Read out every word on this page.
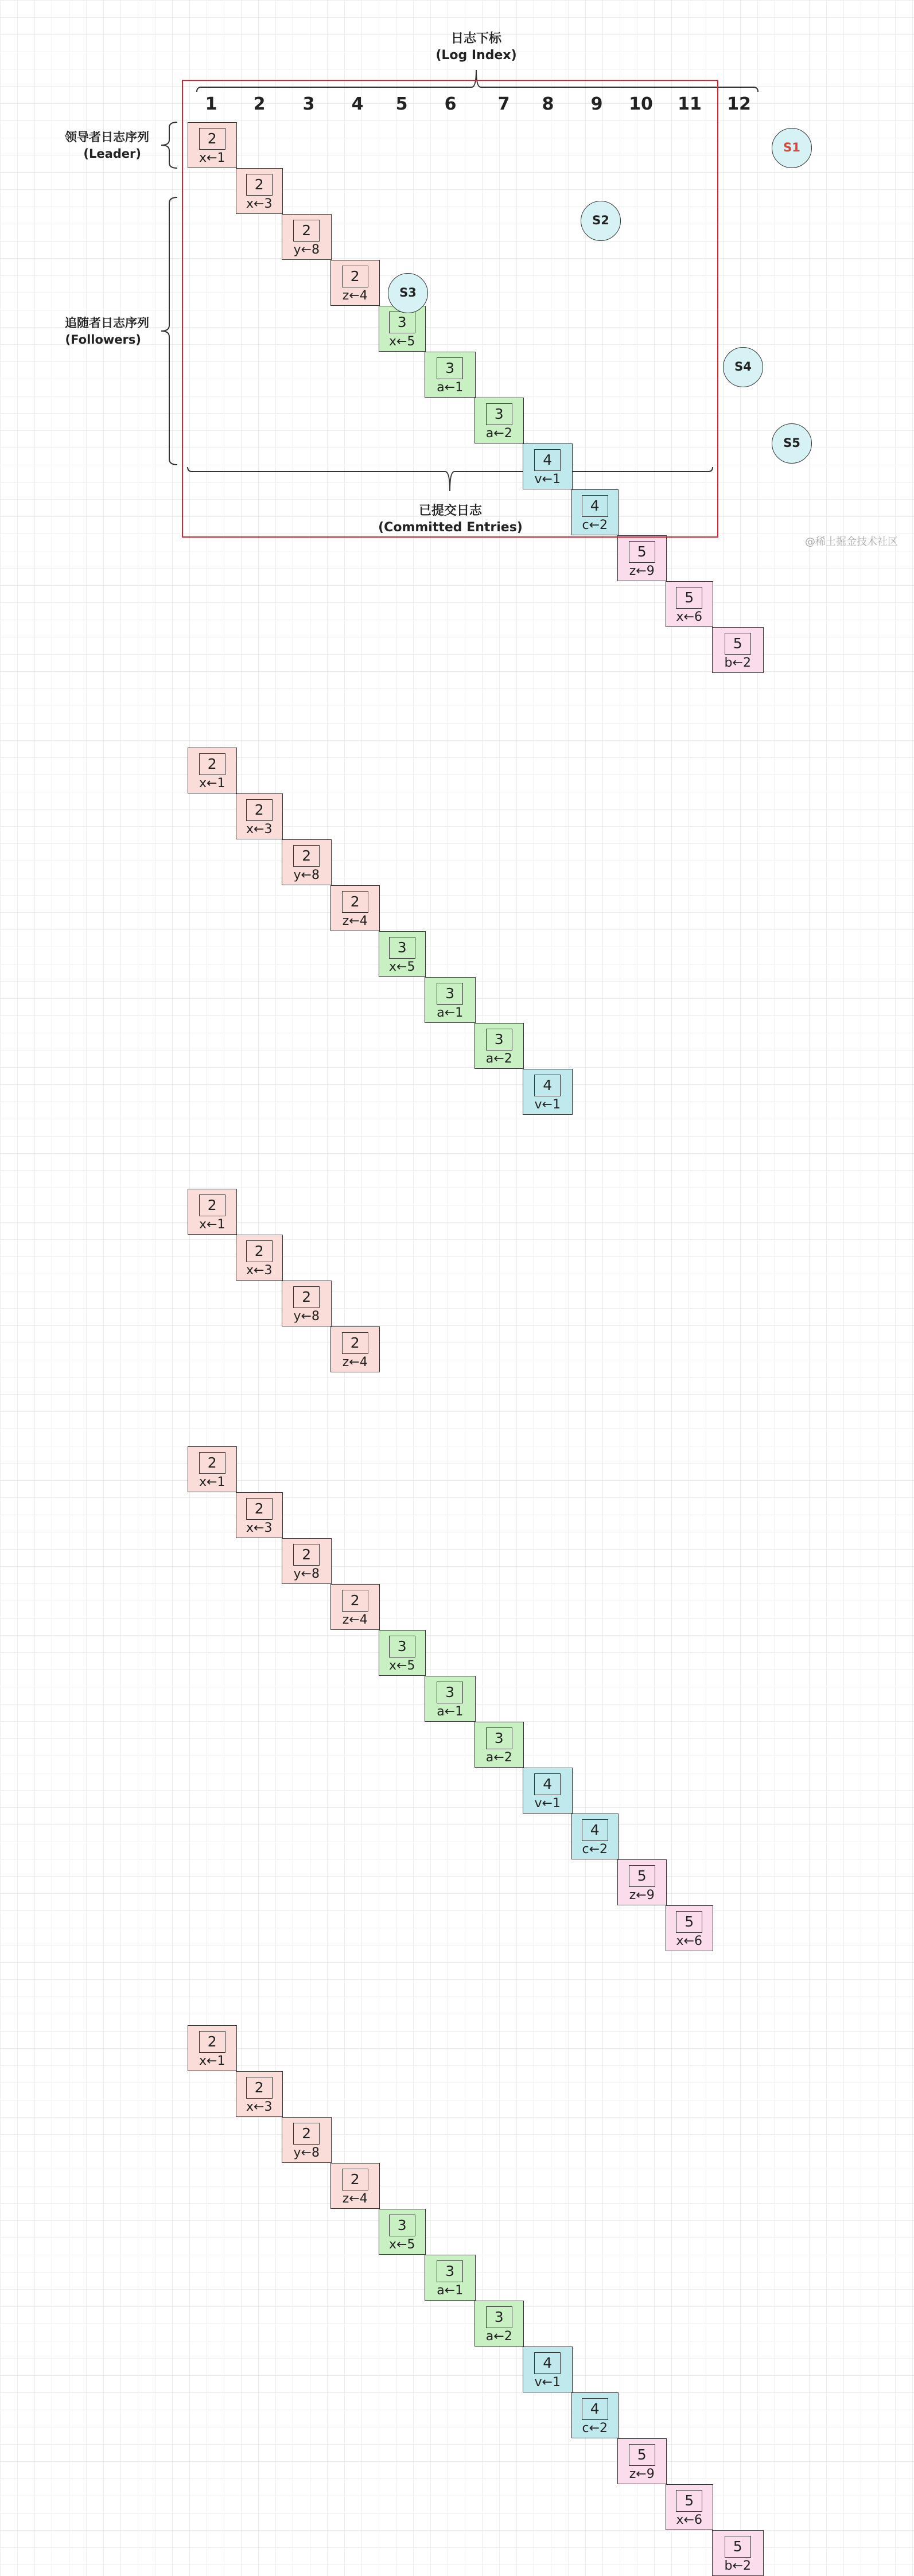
日志下标
(Log Index)
领导者日志序列
(Leader)
追随者日志序列
(Followers)
已提交日志
(Committed Entries)
1	2	3	4	5	6	7	8	9	10	11	12
2
x←1
2
x←3
2
y←8
2
z←4
3
x←5
3
a←1
3
a←2
4
v←1
4
c←2
5
z←9
5
x←6
5
b←2
S1
2
x←1
2
x←3
2
y←8
2
z←4
3
x←5
3
a←1
3
a←2
4
v←1
S2
2
x←1
2
x←3
2
y←8
2
z←4
S3
2
x←1
2
x←3
2
y←8
2
z←4
3
x←5
3
a←1
3
a←2
4
v←1
4
c←2
5
z←9
5
x←6
S4
2
x←1
2
x←3
2
y←8
2
z←4
3
x←5
3
a←1
3
a←2
4
v←1
4
c←2
5
z←9
5
x←6
5
b←2
S5
@稀土掘金技术社区
